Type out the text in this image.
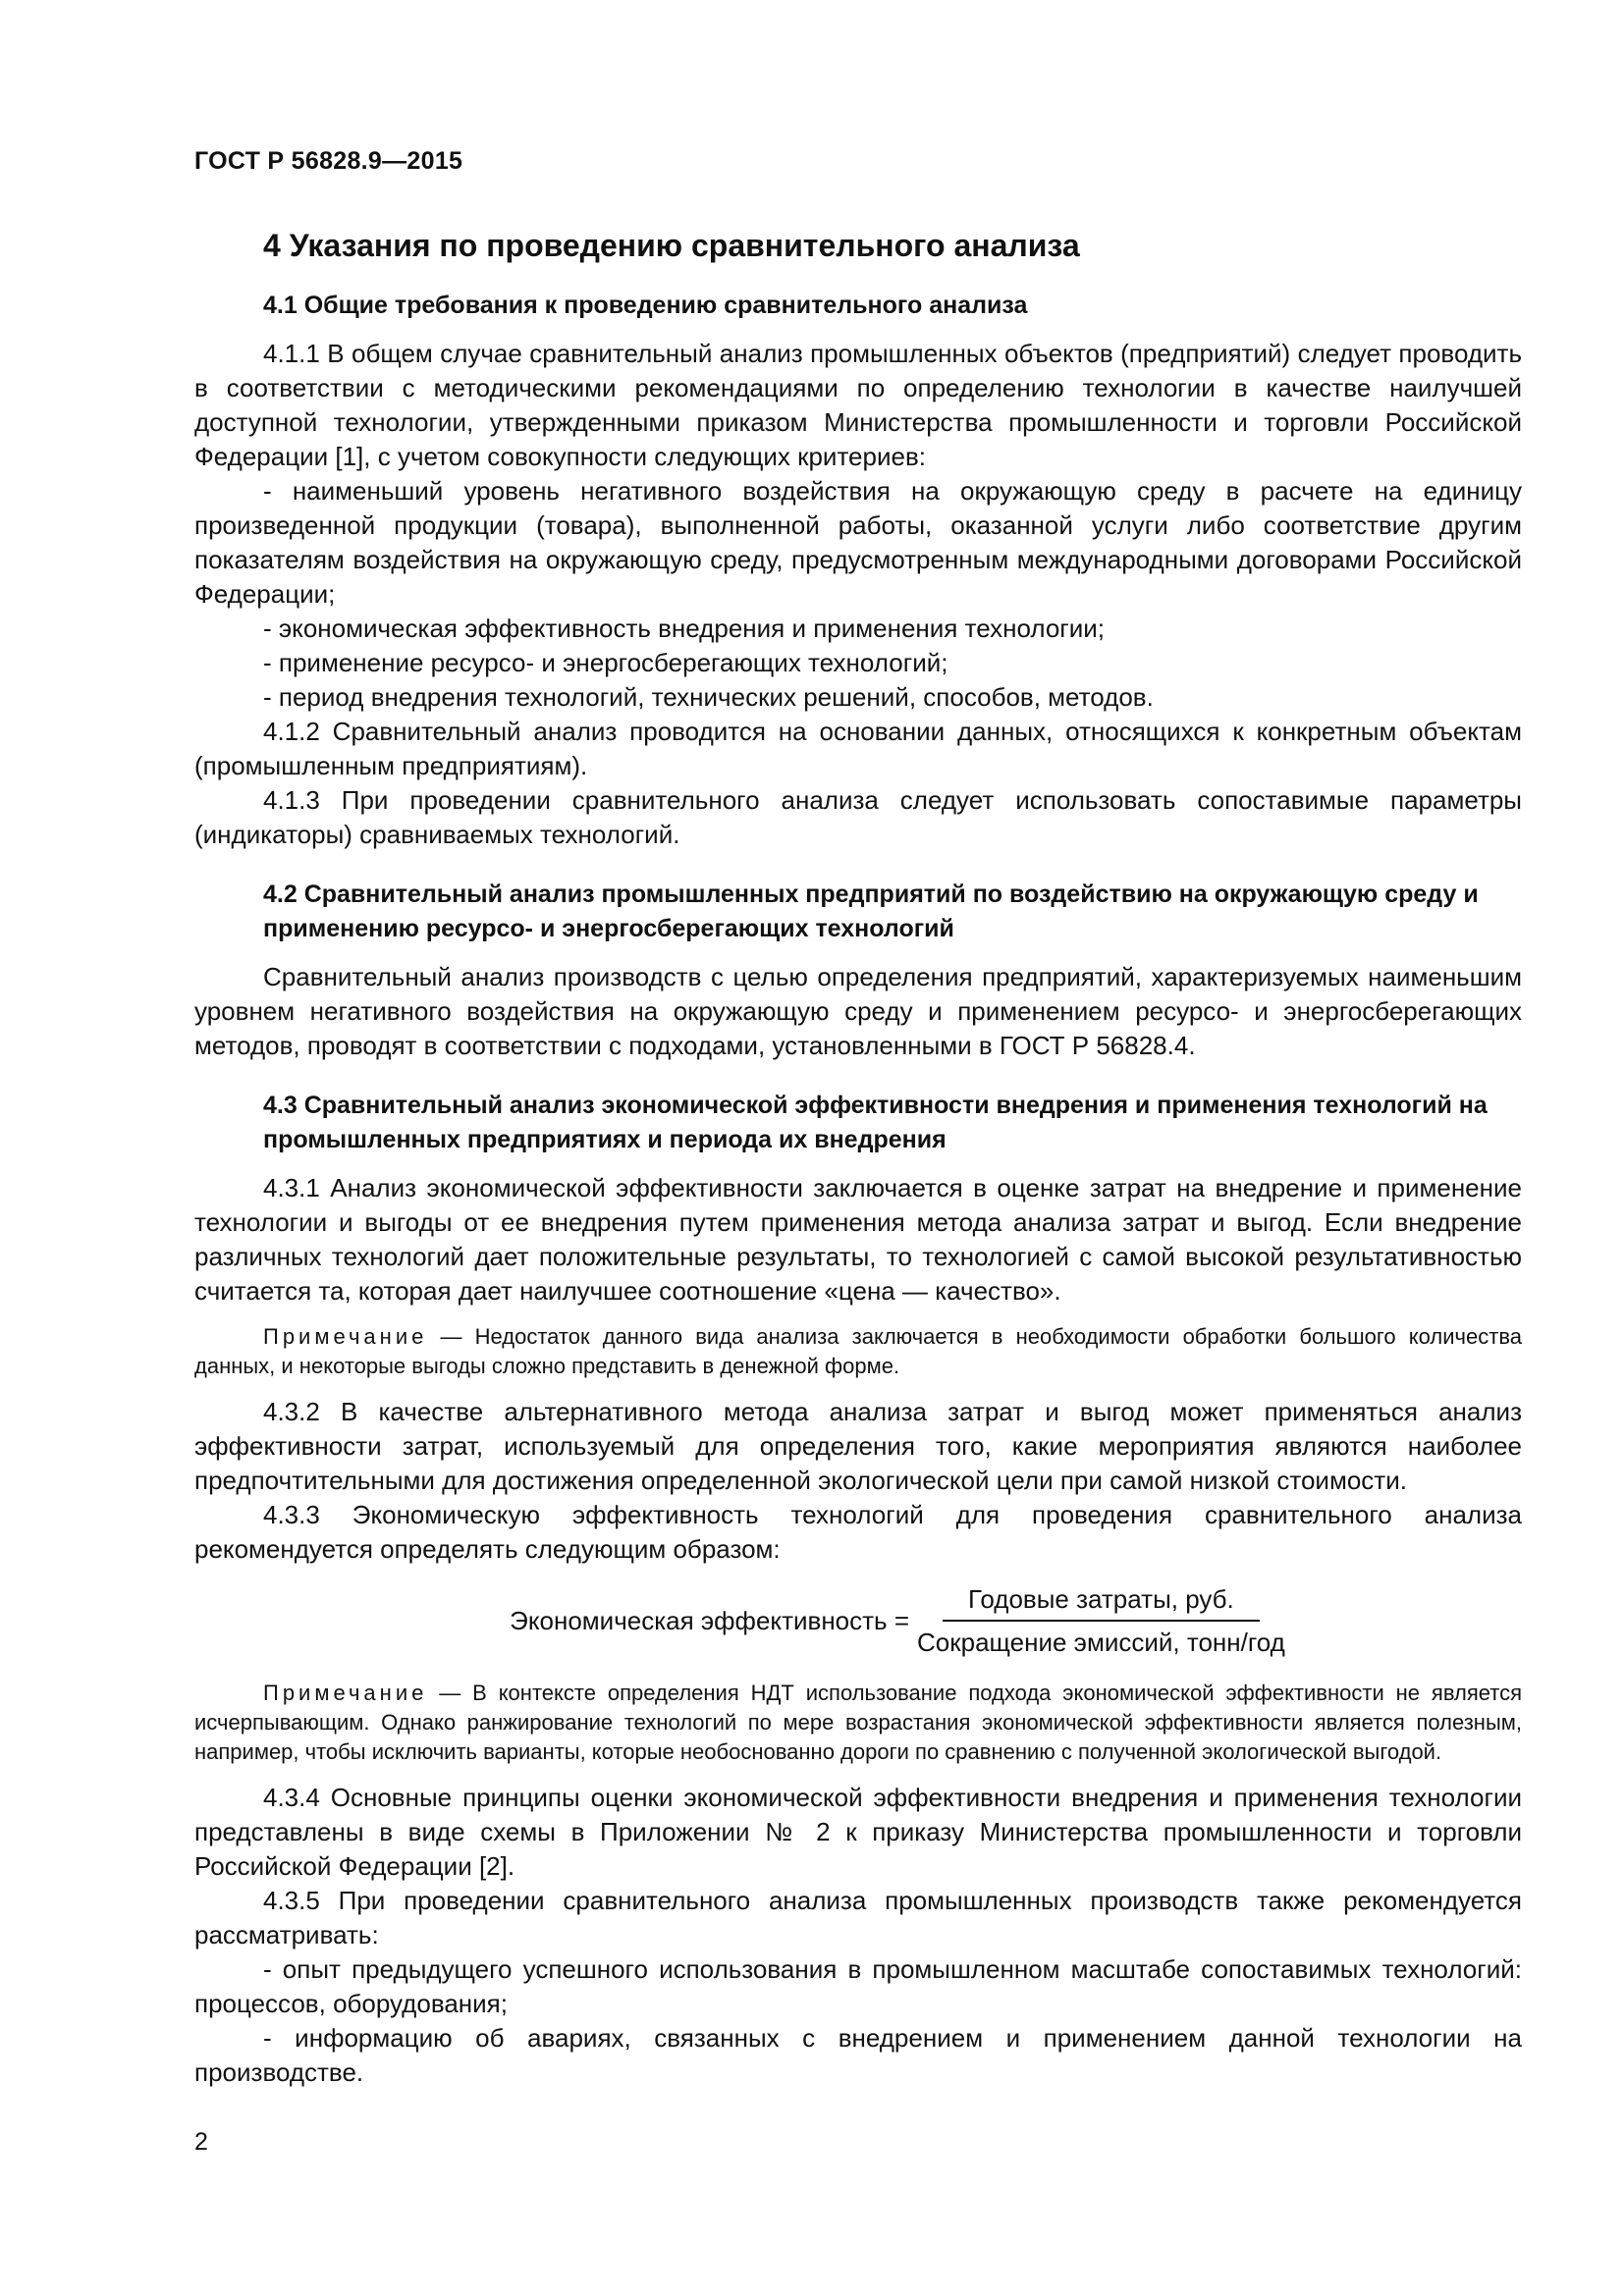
ГОСТ Р 56828.9—2015
4 Указания по проведению сравнительного анализа
4.1 Общие требования к проведению сравнительного анализа

4.1.1 В общем случае сравнительный анализ промышленных объектов (предприятий) следует проводить в соответствии с методическими рекомендациями по определению технологии в качестве наилучшей доступной технологии, утвержденными приказом Министерства промышленности и торговли Российской Федерации [1], с учетом совокупности следующих критериев:

- наименьший уровень негативного воздействия на окружающую среду в расчете на единицу произведенной продукции (товара), выполненной работы, оказанной услуги либо соответствие другим показателям воздействия на окружающую среду, предусмотренным международными договорами Российской Федерации;

- экономическая эффективность внедрения и применения технологии;

- применение ресурсо- и энергосберегающих технологий;

- период внедрения технологий, технических решений, способов, методов.

4.1.2 Сравнительный анализ проводится на основании данных, относящихся к конкретным объектам (промышленным предприятиям).

4.1.3 При проведении сравнительного анализа следует использовать сопоставимые параметры (индикаторы) сравниваемых технологий.

4.2 Сравнительный анализ промышленных предприятий по воздействию на окружающую среду и применению ресурсо- и энергосберегающих технологий

Сравнительный анализ производств с целью определения предприятий, характеризуемых наименьшим уровнем негативного воздействия на окружающую среду и применением ресурсо- и энергосберегающих методов, проводят в соответствии с подходами, установленными в ГОСТ Р 56828.4.

4.3 Сравнительный анализ экономической эффективности внедрения и применения технологий на промышленных предприятиях и периода их внедрения

4.3.1 Анализ экономической эффективности заключается в оценке затрат на внедрение и применение технологии и выгоды от ее внедрения путем применения метода анализа затрат и выгод. Если внедрение различных технологий дает положительные результаты, то технологией с самой высокой результативностью считается та, которая дает наилучшее соотношение «цена — качество».

Примечание — Недостаток данного вида анализа заключается в необходимости обработки большого количества данных, и некоторые выгоды сложно представить в денежной форме.

4.3.2 В качестве альтернативного метода анализа затрат и выгод может применяться анализ эффективности затрат, используемый для определения того, какие мероприятия являются наиболее предпочтительными для достижения определенной экологической цели при самой низкой стоимости.

4.3.3 Экономическую эффективность технологий для проведения сравнительного анализа рекомендуется определять следующим образом:

Экономическая эффективность = $\frac{\text{Годовые затраты, руб.}}{\text{Сокращение эмиссий, тонн/год}}$

Примечание — В контексте определения НДТ использование подхода экономической эффективности не является исчерпывающим. Однако ранжирование технологий по мере возрастания экономической эффективности является полезным, например, чтобы исключить варианты, которые необоснованно дороги по сравнению с полученной экологической выгодой.

4.3.4 Основные принципы оценки экономической эффективности внедрения и применения технологии представлены в виде схемы в Приложении № 2 к приказу Министерства промышленности и торговли Российской Федерации [2].

4.3.5 При проведении сравнительного анализа промышленных производств также рекомендуется рассматривать:

- опыт предыдущего успешного использования в промышленном масштабе сопоставимых технологий: процессов, оборудования;

- информацию об авариях, связанных с внедрением и применением данной технологии на производстве.

2
